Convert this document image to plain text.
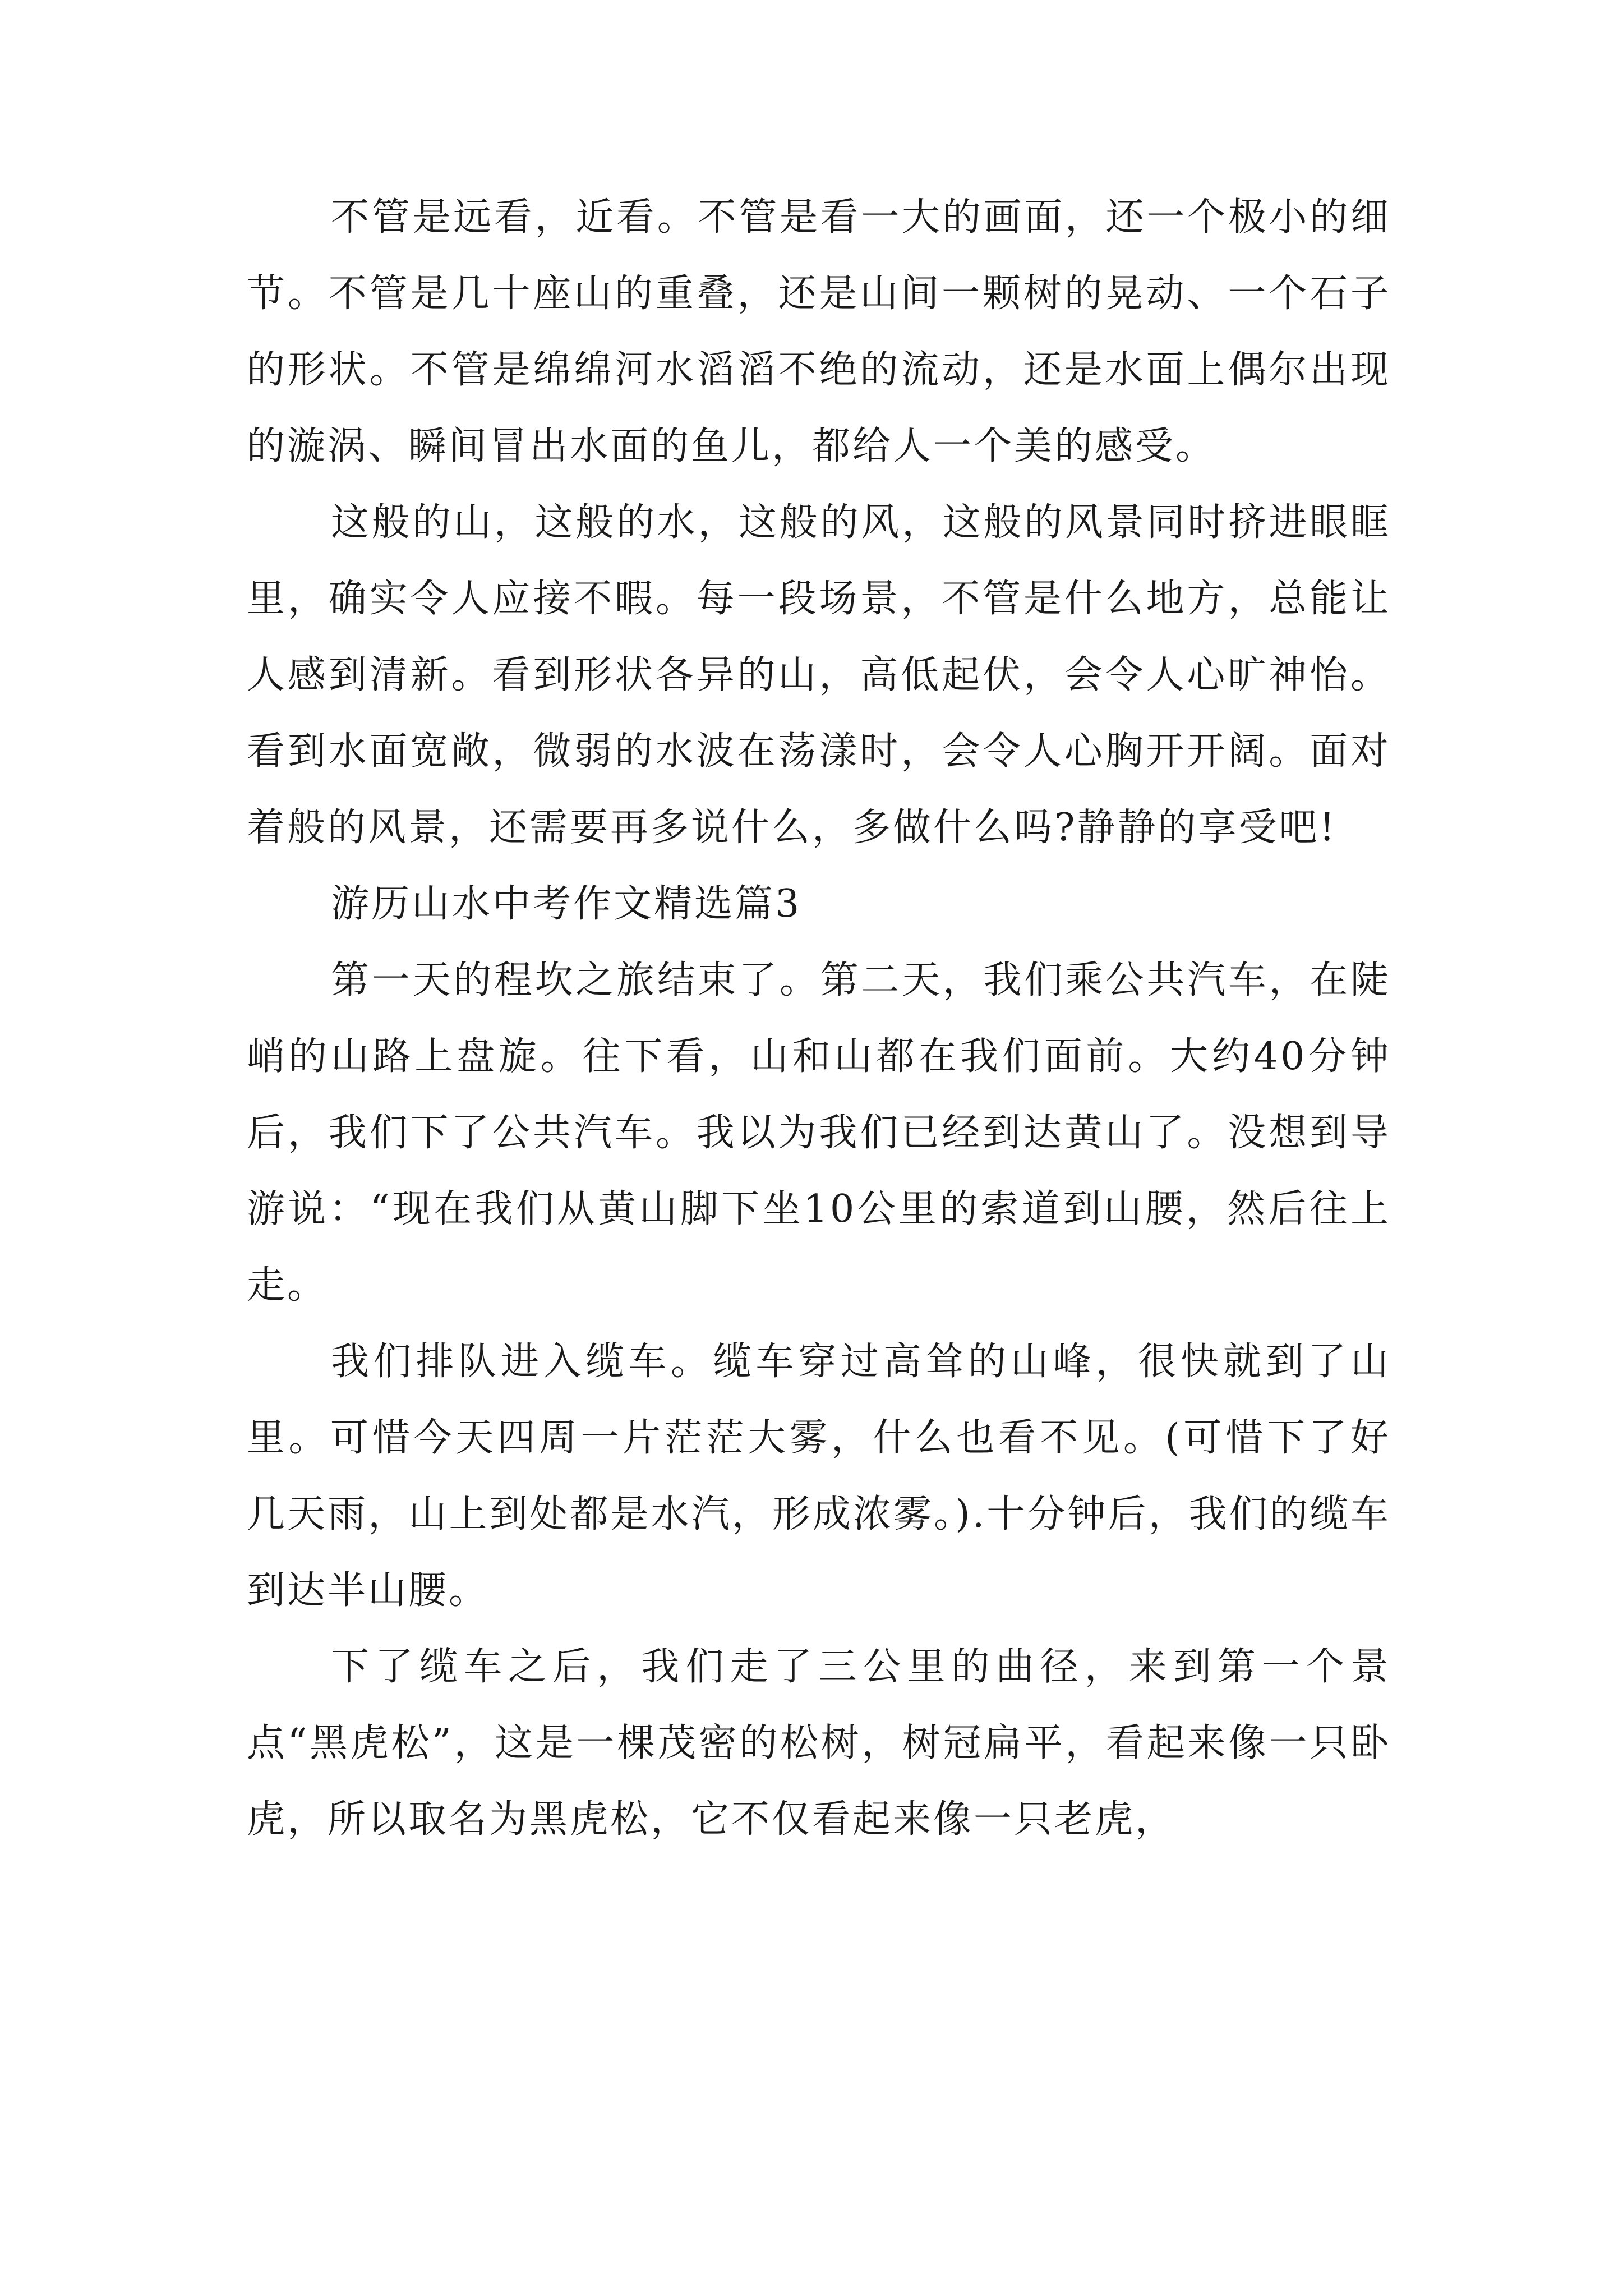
不管是远看，近看。不管是看一大的画面，还一个极小的细节。不管是几十座山的重叠，还是山间一颗树的晃动、一个石子的形状。不管是绵绵河水滔滔不绝的流动，还是水面上偶尔出现的漩涡、瞬间冒出水面的鱼儿，都给人一个美的感受。

这般的山，这般的水，这般的风，这般的风景同时挤进眼眶里，确实令人应接不暇。每一段场景，不管是什么地方，总能让人感到清新。看到形状各异的山，高低起伏，会令人心旷神怡。看到水面宽敞，微弱的水波在荡漾时，会令人心胸开开阔。面对着般的风景，还需要再多说什么，多做什么吗?静静的享受吧!

游历山水中考作文精选篇3

第一天的程坎之旅结束了。第二天，我们乘公共汽车，在陡峭的山路上盘旋。往下看，山和山都在我们面前。大约40分钟后，我们下了公共汽车。我以为我们已经到达黄山了。没想到导游说：“现在我们从黄山脚下坐10公里的索道到山腰，然后往上走。

我们排队进入缆车。缆车穿过高耸的山峰，很快就到了山里。可惜今天四周一片茫茫大雾，什么也看不见。(可惜下了好几天雨，山上到处都是水汽，形成浓雾。).十分钟后，我们的缆车到达半山腰。

下了缆车之后，我们走了三公里的曲径，来到第一个景点“黑虎松”，这是一棵茂密的松树，树冠扁平，看起来像一只卧虎，所以取名为黑虎松，它不仅看起来像一只老虎，
